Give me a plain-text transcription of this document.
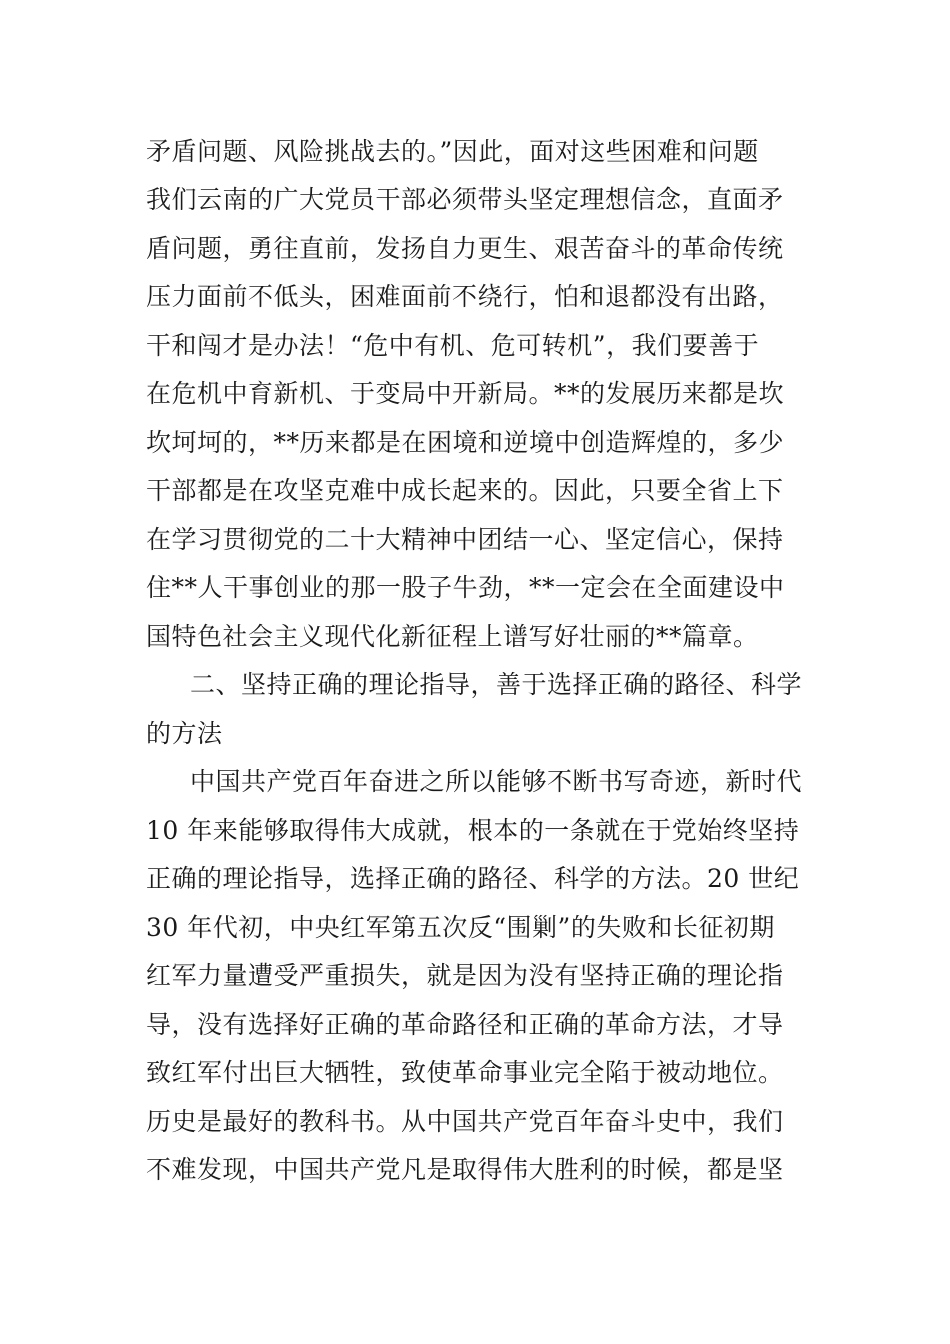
矛盾问题、风险挑战去的。”因此，面对这些困难和问题
我们云南的广大党员干部必须带头坚定理想信念，直面矛
盾问题，勇往直前，发扬自力更生、艰苦奋斗的革命传统
压力面前不低头，困难面前不绕行，怕和退都没有出路，
干和闯才是办法！“危中有机、危可转机”，我们要善于
在危机中育新机、于变局中开新局。**的发展历来都是坎
坎坷坷的，**历来都是在困境和逆境中创造辉煌的，多少
干部都是在攻坚克难中成长起来的。因此，只要全省上下
在学习贯彻党的二十大精神中团结一心、坚定信心，保持
住**人干事创业的那一股子牛劲，**一定会在全面建设中
国特色社会主义现代化新征程上谱写好壮丽的**篇章。
二、坚持正确的理论指导，善于选择正确的路径、科学
的方法
中国共产党百年奋进之所以能够不断书写奇迹，新时代
10 年来能够取得伟大成就，根本的一条就在于党始终坚持
正确的理论指导，选择正确的路径、科学的方法。20 世纪
30 年代初，中央红军第五次反“围剿”的失败和长征初期
红军力量遭受严重损失，就是因为没有坚持正确的理论指
导，没有选择好正确的革命路径和正确的革命方法，才导
致红军付出巨大牺牲，致使革命事业完全陷于被动地位。
历史是最好的教科书。从中国共产党百年奋斗史中，我们
不难发现，中国共产党凡是取得伟大胜利的时候，都是坚
